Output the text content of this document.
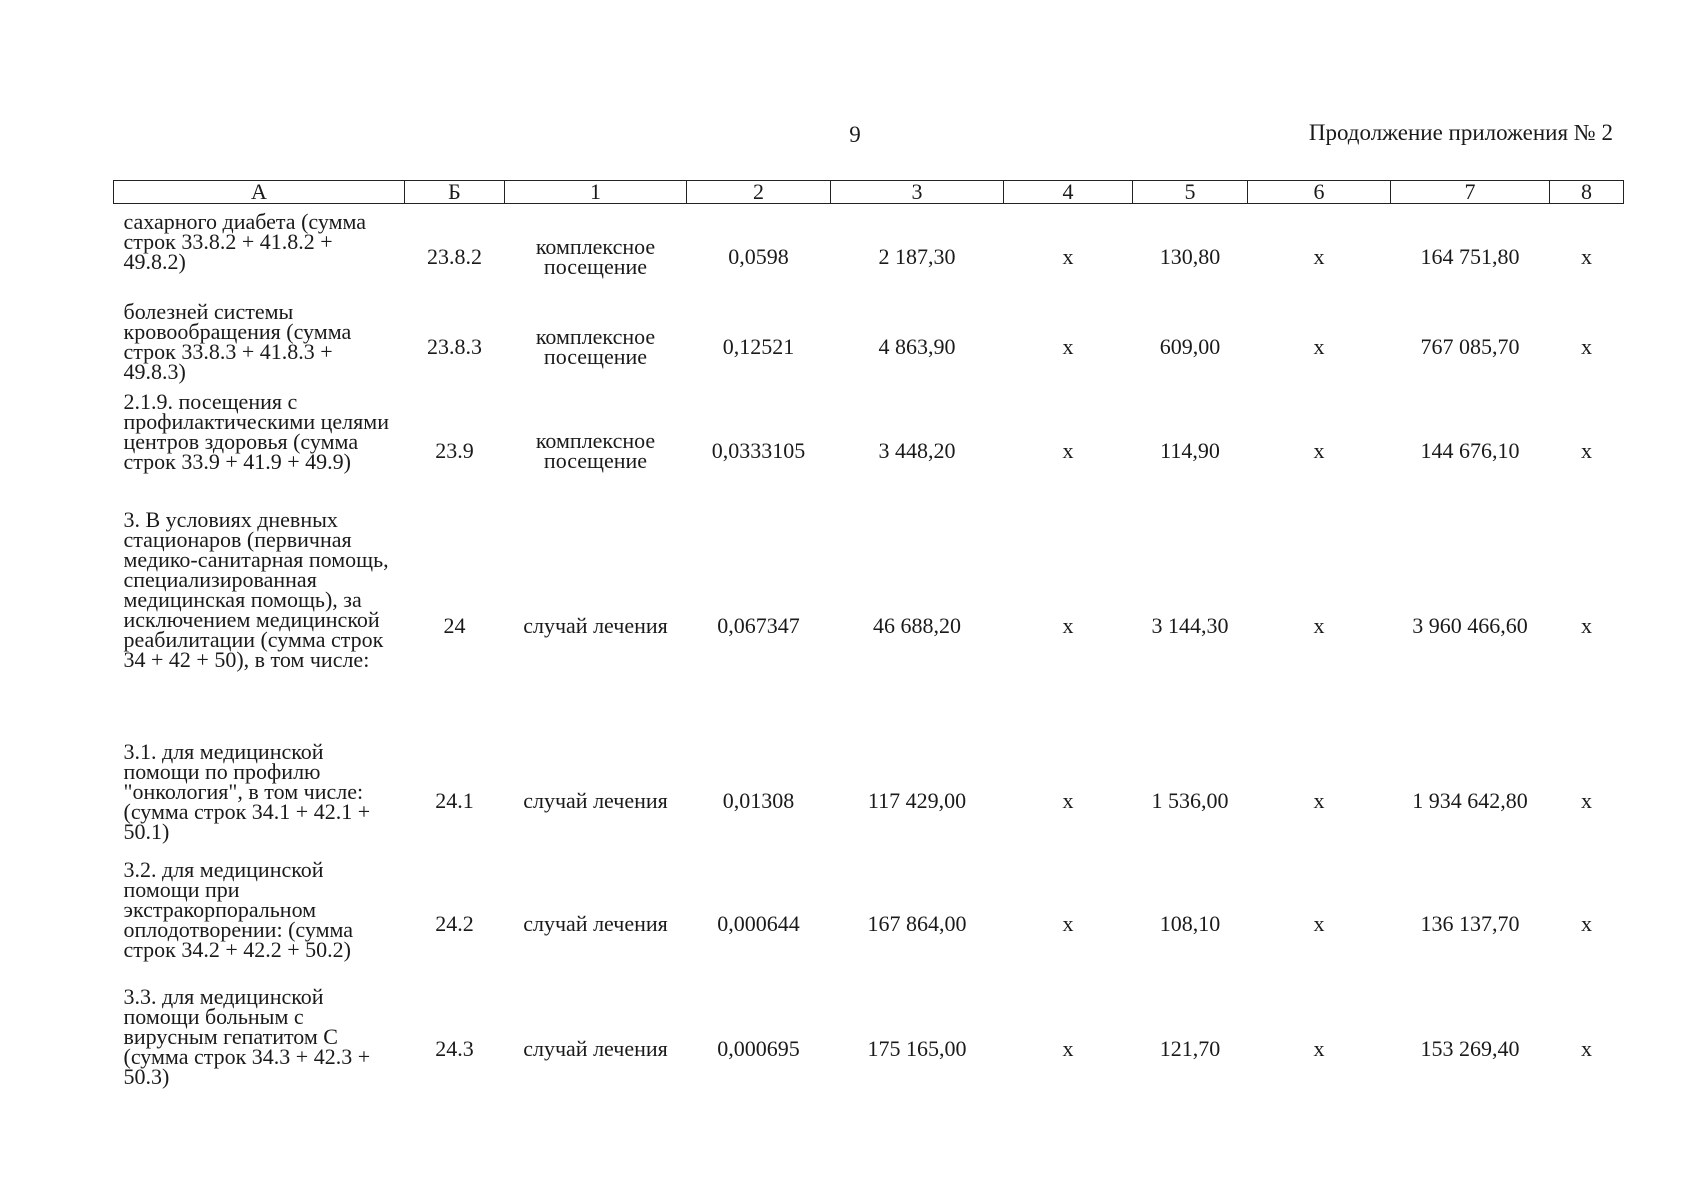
9	Продолжение приложения № 2
А	Б	1	2	3	4	5	6	7	8
сахарного диабета (сумма строк 33.8.2 + 41.8.2 + 49.8.2)	23.8.2	комплексное посещение	0,0598	2 187,30	х	130,80	х	164 751,80	х
болезней системы кровообращения (сумма строк 33.8.3 + 41.8.3 + 49.8.3)	23.8.3	комплексное посещение	0,12521	4 863,90	х	609,00	х	767 085,70	х
2.1.9. посещения с профилактическими целями центров здоровья (сумма строк 33.9 + 41.9 + 49.9)	23.9	комплексное посещение	0,0333105	3 448,20	х	114,90	х	144 676,10	х
3. В условиях дневных стационаров (первичная медико-санитарная помощь, специализированная медицинская помощь), за исключением медицинской реабилитации (сумма строк 34 + 42 + 50), в том числе:	24	случай лечения	0,067347	46 688,20	х	3 144,30	х	3 960 466,60	х
3.1. для медицинской помощи по профилю "онкология", в том числе: (сумма строк 34.1 + 42.1 + 50.1)	24.1	случай лечения	0,01308	117 429,00	х	1 536,00	х	1 934 642,80	х
3.2. для медицинской помощи при экстракорпоральном оплодотворении: (сумма строк 34.2 + 42.2 + 50.2)	24.2	случай лечения	0,000644	167 864,00	х	108,10	х	136 137,70	х
3.3. для медицинской помощи больным с вирусным гепатитом С (сумма строк 34.3 + 42.3 + 50.3)	24.3	случай лечения	0,000695	175 165,00	х	121,70	х	153 269,40	х
